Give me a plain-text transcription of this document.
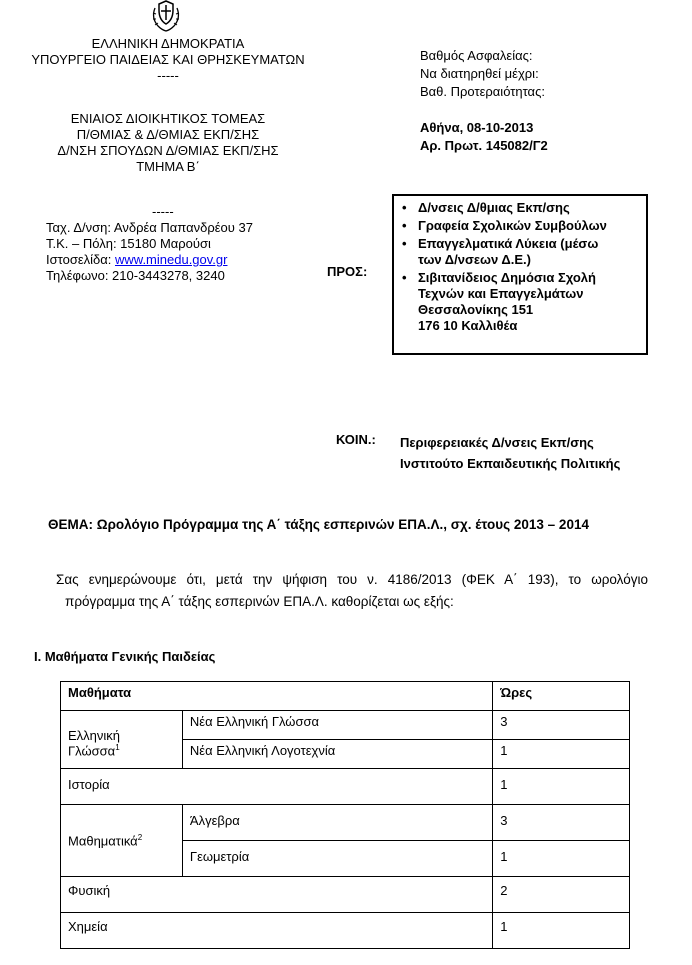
ΕΛΛΗΝΙΚΗ ΔΗΜΟΚΡΑΤΙΑ
ΥΠΟΥΡΓΕΙΟ ΠΑΙΔΕΙΑΣ ΚΑΙ ΘΡΗΣΚΕΥΜΑΤΩΝ
-----
Βαθμός Ασφαλείας:
Να διατηρηθεί μέχρι:
Βαθ. Προτεραιότητας:
ΕΝΙΑΙΟΣ ΔΙΟΙΚΗΤΙΚΟΣ ΤΟΜΕΑΣ
Π/ΘΜΙΑΣ & Δ/ΘΜΙΑΣ ΕΚΠ/ΣΗΣ
Δ/ΝΣΗ ΣΠΟΥΔΩΝ Δ/ΘΜΙΑΣ ΕΚΠ/ΣΗΣ
ΤΜΗΜΑ Β΄
Αθήνα, 08-10-2013
Αρ. Πρωτ. 145082/Γ2
-----
Ταχ. Δ/νση: Ανδρέα Παπανδρέου 37
Τ.Κ. – Πόλη: 15180 Μαρούσι
Ιστοσελίδα: www.minedu.gov.gr
Τηλέφωνο: 210-3443278, 3240	ΠΡΟΣ:
• Δ/νσεις Δ/θμιας Εκπ/σης
• Γραφεία Σχολικών Συμβούλων
• Επαγγελματικά Λύκεια (μέσω
των Δ/νσεων Δ.Ε.)
• Σιβιτανίδειος Δημόσια Σχολή
Τεχνών και Επαγγελμάτων
Θεσσαλονίκης 151
176 10 Καλλιθέα
ΚΟΙΝ.: Περιφερειακές Δ/νσεις Εκπ/σης
Ινστιτούτο Εκπαιδευτικής Πολιτικής
ΘΕΜΑ: Ωρολόγιο Πρόγραμμα της Α΄ τάξης εσπερινών ΕΠΑ.Λ., σχ. έτους 2013 – 2014
Σας ενημερώνουμε ότι, μετά την ψήφιση του ν. 4186/2013 (ΦΕΚ Α΄ 193), το ωρολόγιο
πρόγραμμα της Α΄ τάξης εσπερινών ΕΠΑ.Λ. καθορίζεται ως εξής:
Ι. Μαθήματα Γενικής Παιδείας
Μαθήματα		Ώρες
Ελληνική
Γλώσσα$^1$	Νέα Ελληνική Γλώσσα	3
	Νέα Ελληνική Λογοτεχνία	1
Ιστορία		1
Μαθηματικά$^2$	Άλγεβρα	3
	Γεωμετρία	1
Φυσική		2
Χημεία		1
